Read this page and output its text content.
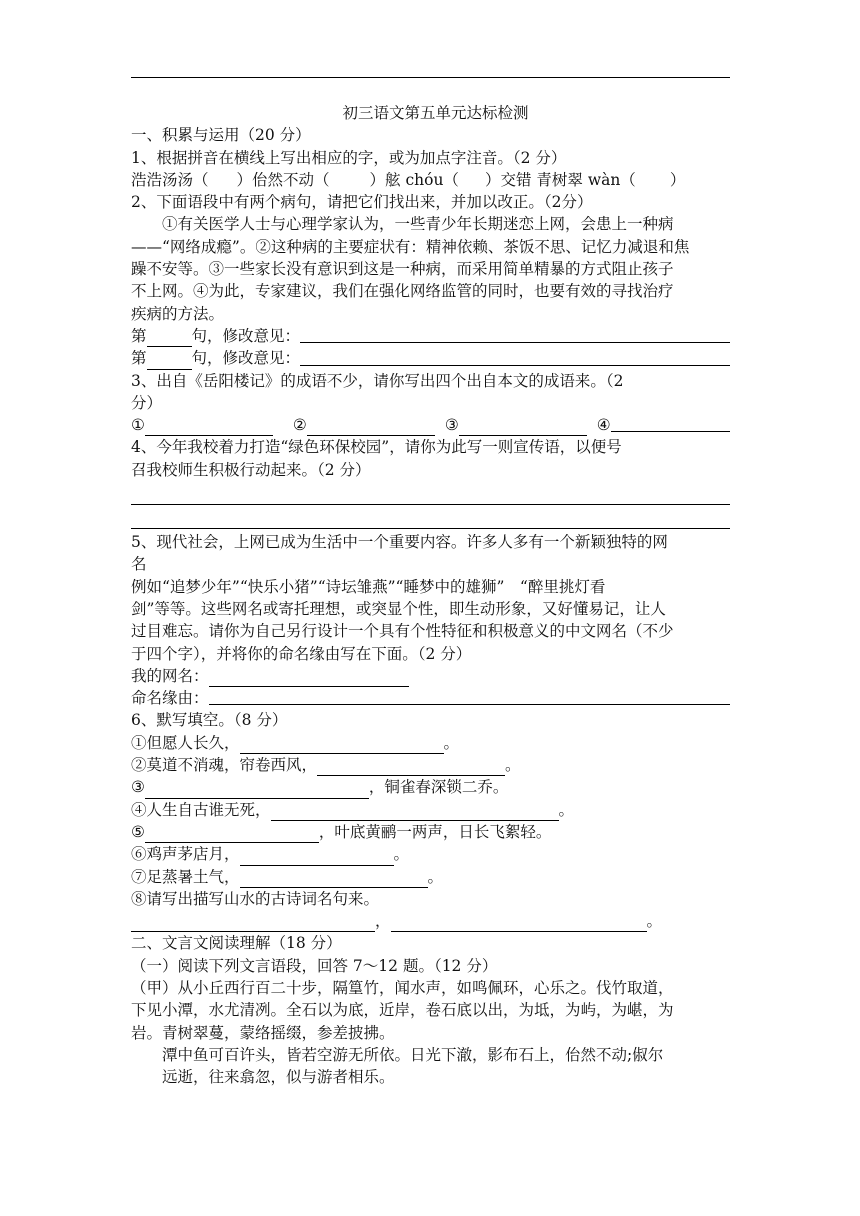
初三语文第五单元达标检测
一、积累与运用（20 分）
1、根据拼音在横线上写出相应的字，或为加点字注音。（2 分）
浩浩汤汤（ ）佁然不动（	）舷 chóu（ ）交错 青树翠 wàn（ ）
2、下面语段中有两个病句，请把它们找出来，并加以改正。（2分）
①有关医学人士与心理学家认为，一些青少年长期迷恋上网，会患上一种病
——“网络成瘾”。②这种病的主要症状有：精神依赖、茶饭不思、记忆力减退和焦
躁不安等。③一些家长没有意识到这是一种病，而采用简单精暴的方式阻止孩子
不上网。④为此，专家建议，我们在强化网络监管的同时，也要有效的寻找治疗
疾病的方法。
第	句，修改意见：
第	句，修改意见：
3、出自《岳阳楼记》的成语不少，请你写出四个出自本文的成语来。（2
分）
①	②	③	④
4、今年我校着力打造“绿色环保校园”，请你为此写一则宣传语，以便号
召我校师生积极行动起来。（2 分）
5、现代社会，上网已成为生活中一个重要内容。许多人多有一个新颖独特的网
名
例如“追梦少年”“快乐小猪”“诗坛雏燕”“睡梦中的雄狮”　“醉里挑灯看
剑”等等。这些网名或寄托理想，或突显个性，即生动形象，又好懂易记，让人
过目难忘。请你为自己另行设计一个具有个性特征和积极意义的中文网名（不少
于四个字），并将你的命名缘由写在下面。（2 分）
我的网名：
命名缘由：
6、默写填空。（8 分）
①但愿人长久，	。
②莫道不消魂，帘卷西风，	。
③	，铜雀春深锁二乔。
④人生自古谁无死，	。
⑤	，叶底黄鹂一两声，日长飞絮轻。
⑥鸡声茅店月，	。
⑦足蒸暑土气，	。
⑧请写出描写山水的古诗词名句来。
，	。
二、文言文阅读理解（18 分）
（一）阅读下列文言语段，回答 7～12 题。（12 分）
（甲）从小丘西行百二十步，隔篁竹，闻水声，如鸣佩环，心乐之。伐竹取道，
下见小潭，水尤清冽。全石以为底，近岸，卷石底以出，为坻，为屿，为嵁，为
岩。青树翠蔓，蒙络摇缀，参差披拂。
潭中鱼可百许头，皆若空游无所依。日光下澈，影布石上，佁然不动;俶尔
远逝，往来翕忽，似与游者相乐。
